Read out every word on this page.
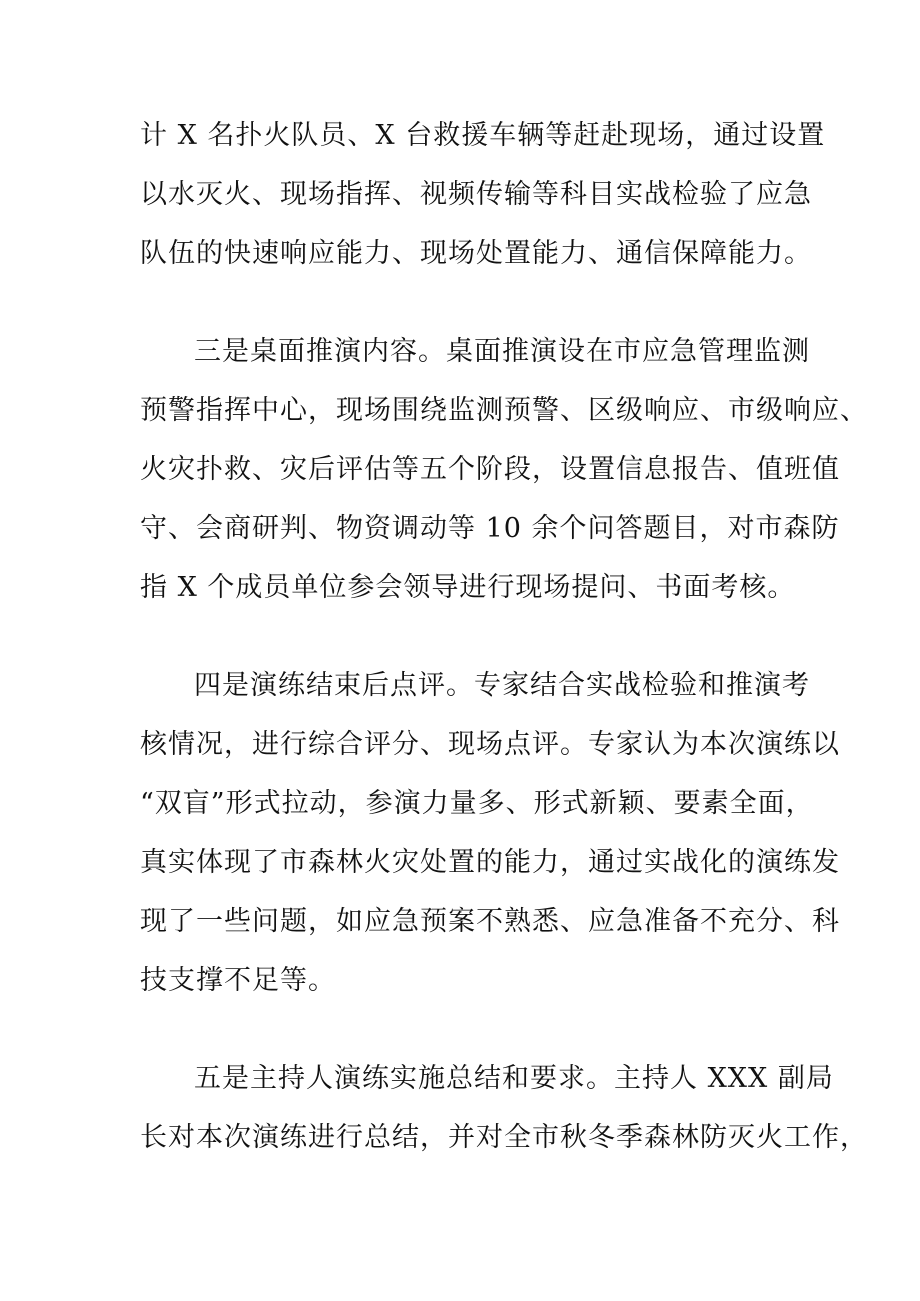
计 X 名扑火队员、X 台救援车辆等赶赴现场，通过设置
以水灭火、现场指挥、视频传输等科目实战检验了应急
队伍的快速响应能力、现场处置能力、通信保障能力。
三是桌面推演内容。桌面推演设在市应急管理监测
预警指挥中心，现场围绕监测预警、区级响应、市级响应、
火灾扑救、灾后评估等五个阶段，设置信息报告、值班值
守、会商研判、物资调动等 10 余个问答题目，对市森防
指 X 个成员单位参会领导进行现场提问、书面考核。
四是演练结束后点评。专家结合实战检验和推演考
核情况，进行综合评分、现场点评。专家认为本次演练以
“双盲”形式拉动，参演力量多、形式新颖、要素全面，
真实体现了市森林火灾处置的能力，通过实战化的演练发
现了一些问题，如应急预案不熟悉、应急准备不充分、科
技支撑不足等。
五是主持人演练实施总结和要求。主持人 XXX 副局
长对本次演练进行总结，并对全市秋冬季森林防灭火工作，
